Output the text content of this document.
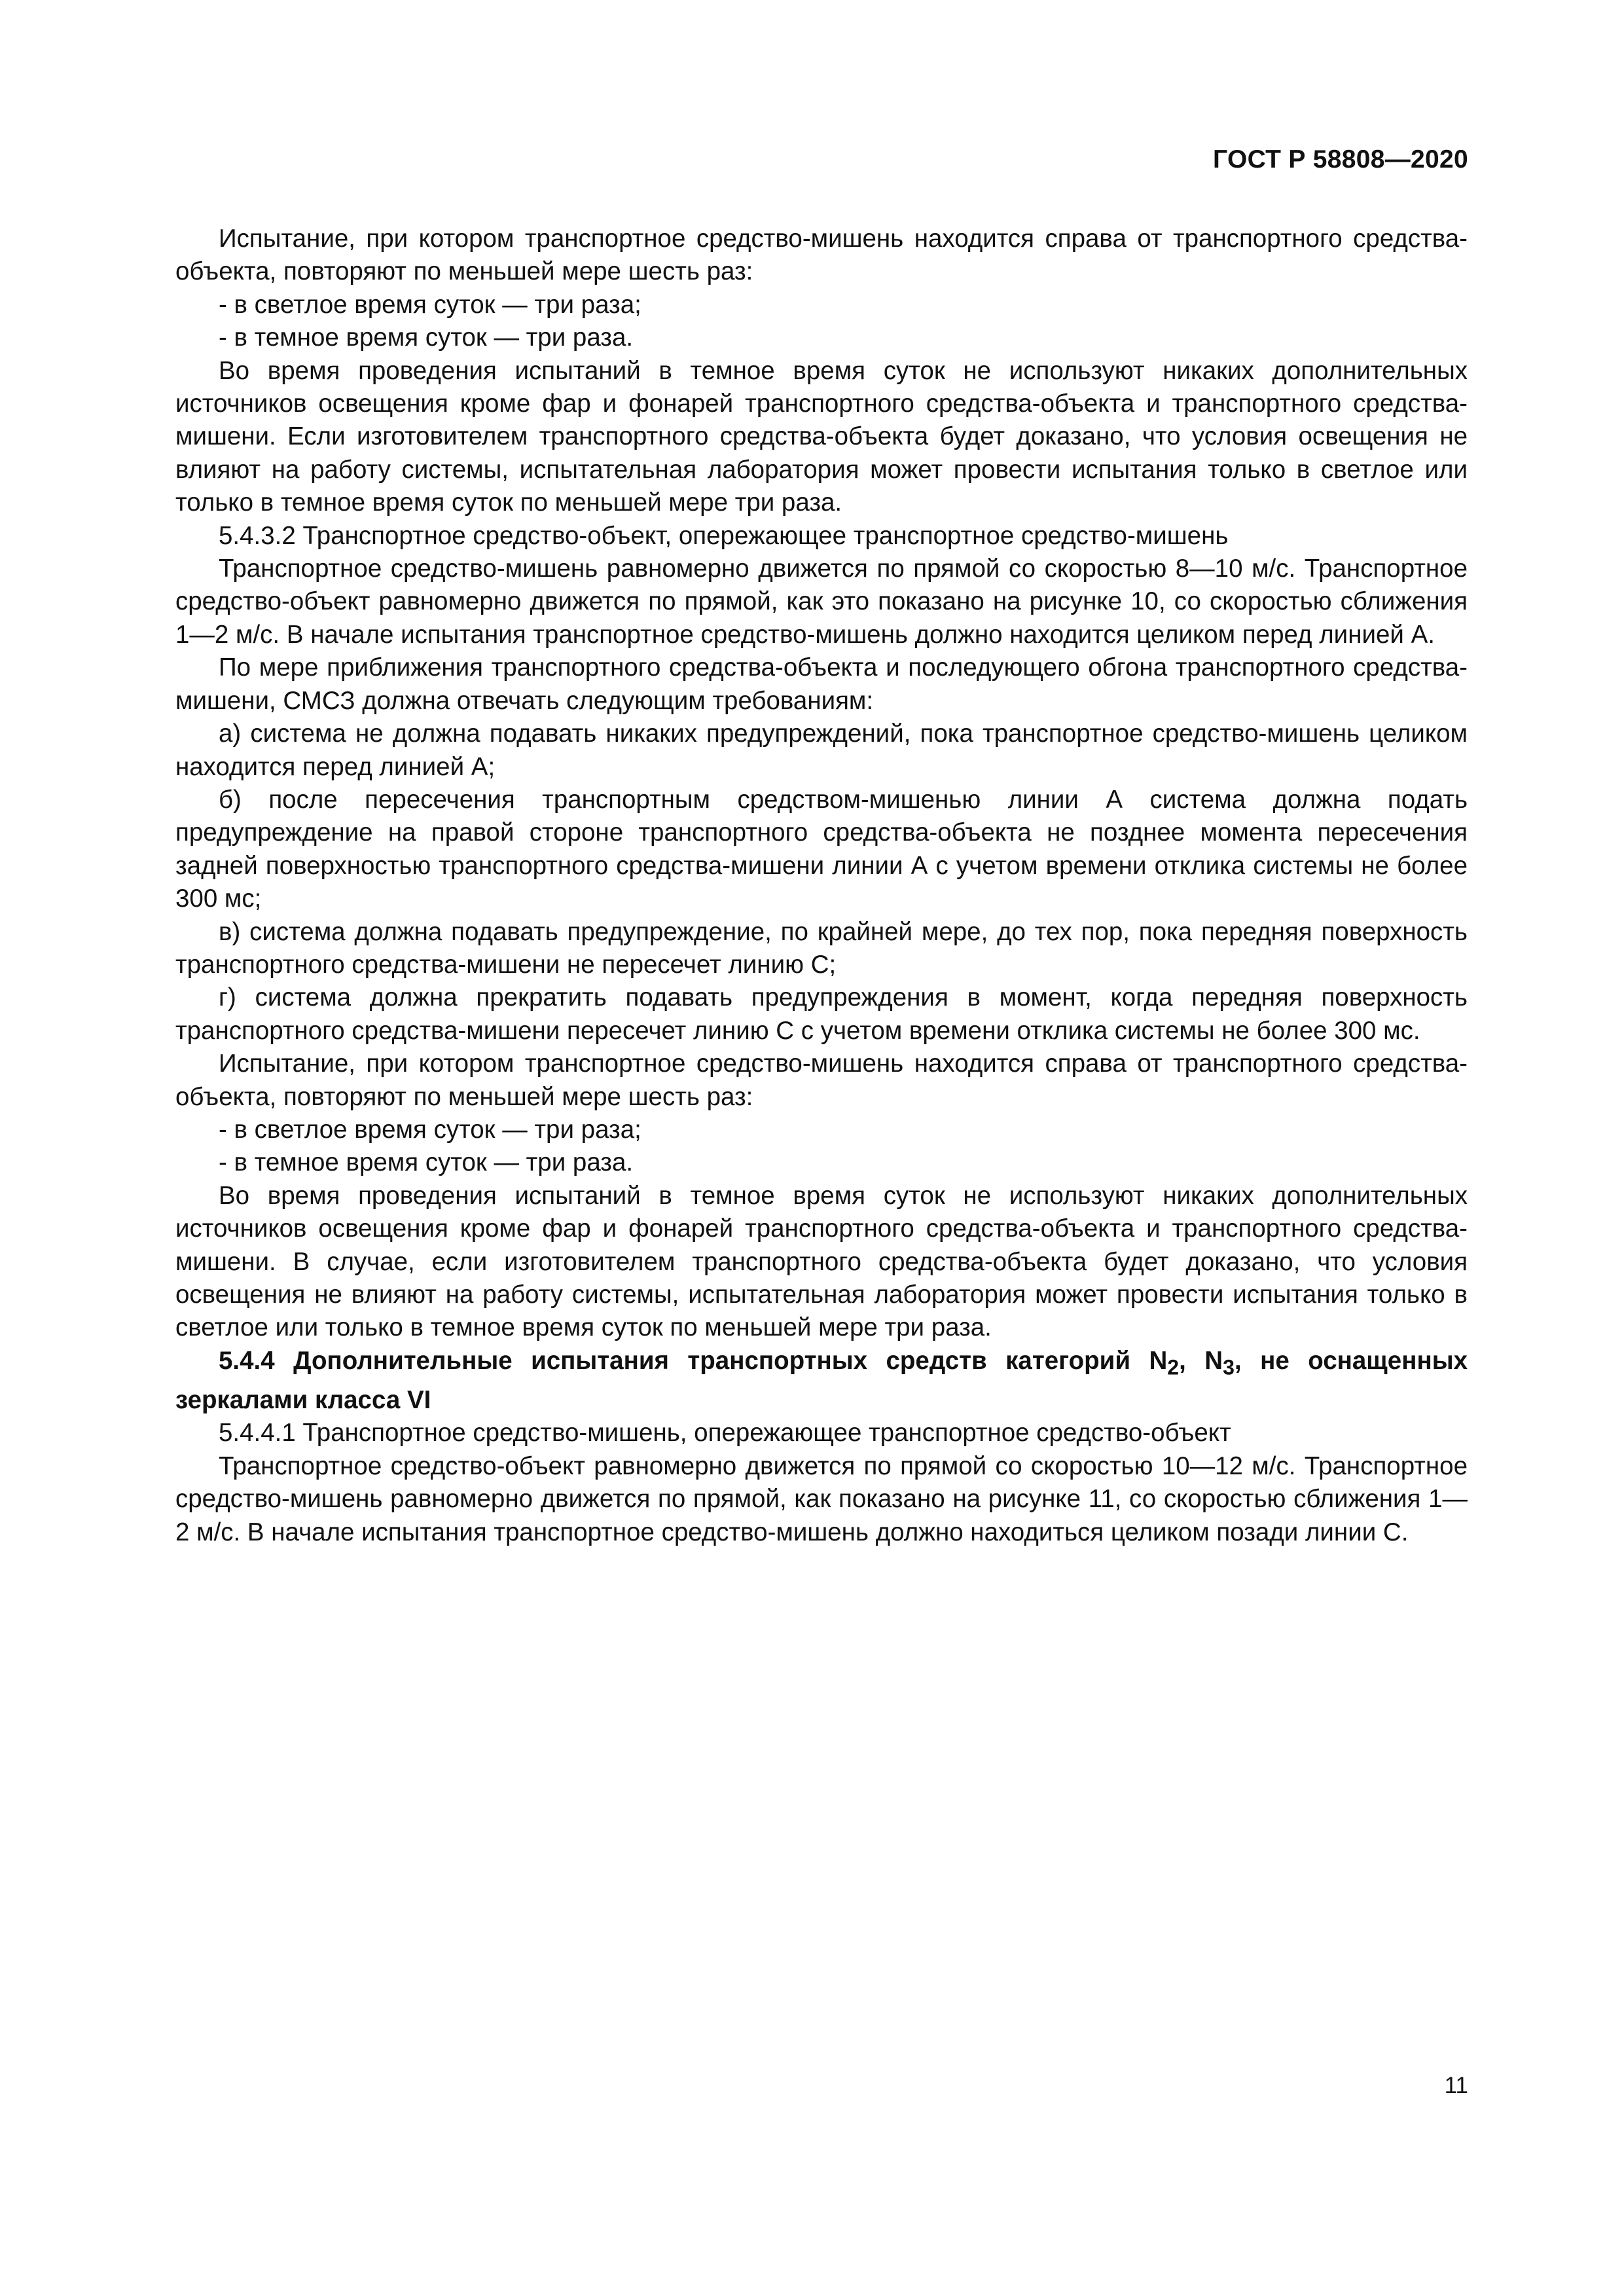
ГОСТ Р 58808—2020

Испытание, при котором транспортное средство-мишень находится справа от транспортного средства-объекта, повторяют по меньшей мере шесть раз:

- в светлое время суток — три раза;

- в темное время суток — три раза.

Во время проведения испытаний в темное время суток не используют никаких дополнительных источников освещения кроме фар и фонарей транспортного средства-объекта и транспортного средства-мишени. Если изготовителем транспортного средства-объекта будет доказано, что условия освещения не влияют на работу системы, испытательная лаборатория может провести испытания только в светлое или только в темное время суток по меньшей мере три раза.

5.4.3.2 Транспортное средство-объект, опережающее транспортное средство-мишень

Транспортное средство-мишень равномерно движется по прямой со скоростью 8—10 м/с. Транспортное средство-объект равномерно движется по прямой, как это показано на рисунке 10, со скоростью сближения 1—2 м/с. В начале испытания транспортное средство-мишень должно находится целиком перед линией А.

По мере приближения транспортного средства-объекта и последующего обгона транспортного средства-мишени, СМСЗ должна отвечать следующим требованиям:

а) система не должна подавать никаких предупреждений, пока транспортное средство-мишень целиком находится перед линией А;

б) после пересечения транспортным средством-мишенью линии А система должна подать предупреждение на правой стороне транспортного средства-объекта не позднее момента пересечения задней поверхностью транспортного средства-мишени линии А с учетом времени отклика системы не более 300 мс;

в) система должна подавать предупреждение, по крайней мере, до тех пор, пока передняя поверхность транспортного средства-мишени не пересечет линию С;

г) система должна прекратить подавать предупреждения в момент, когда передняя поверхность транспортного средства-мишени пересечет линию С с учетом времени отклика системы не более 300 мс.

Испытание, при котором транспортное средство-мишень находится справа от транспортного средства-объекта, повторяют по меньшей мере шесть раз:

- в светлое время суток — три раза;

- в темное время суток — три раза.

Во время проведения испытаний в темное время суток не используют никаких дополнительных источников освещения кроме фар и фонарей транспортного средства-объекта и транспортного средства-мишени. В случае, если изготовителем транспортного средства-объекта будет доказано, что условия освещения не влияют на работу системы, испытательная лаборатория может провести испытания только в светлое или только в темное время суток по меньшей мере три раза.

5.4.4 Дополнительные испытания транспортных средств категорий $N_2$, $N_3$, не оснащенных зеркалами класса VI

5.4.4.1 Транспортное средство-мишень, опережающее транспортное средство-объект

Транспортное средство-объект равномерно движется по прямой со скоростью 10—12 м/с. Транспортное средство-мишень равномерно движется по прямой, как показано на рисунке 11, со скоростью сближения 1—2 м/с. В начале испытания транспортное средство-мишень должно находиться целиком позади линии С.

11
